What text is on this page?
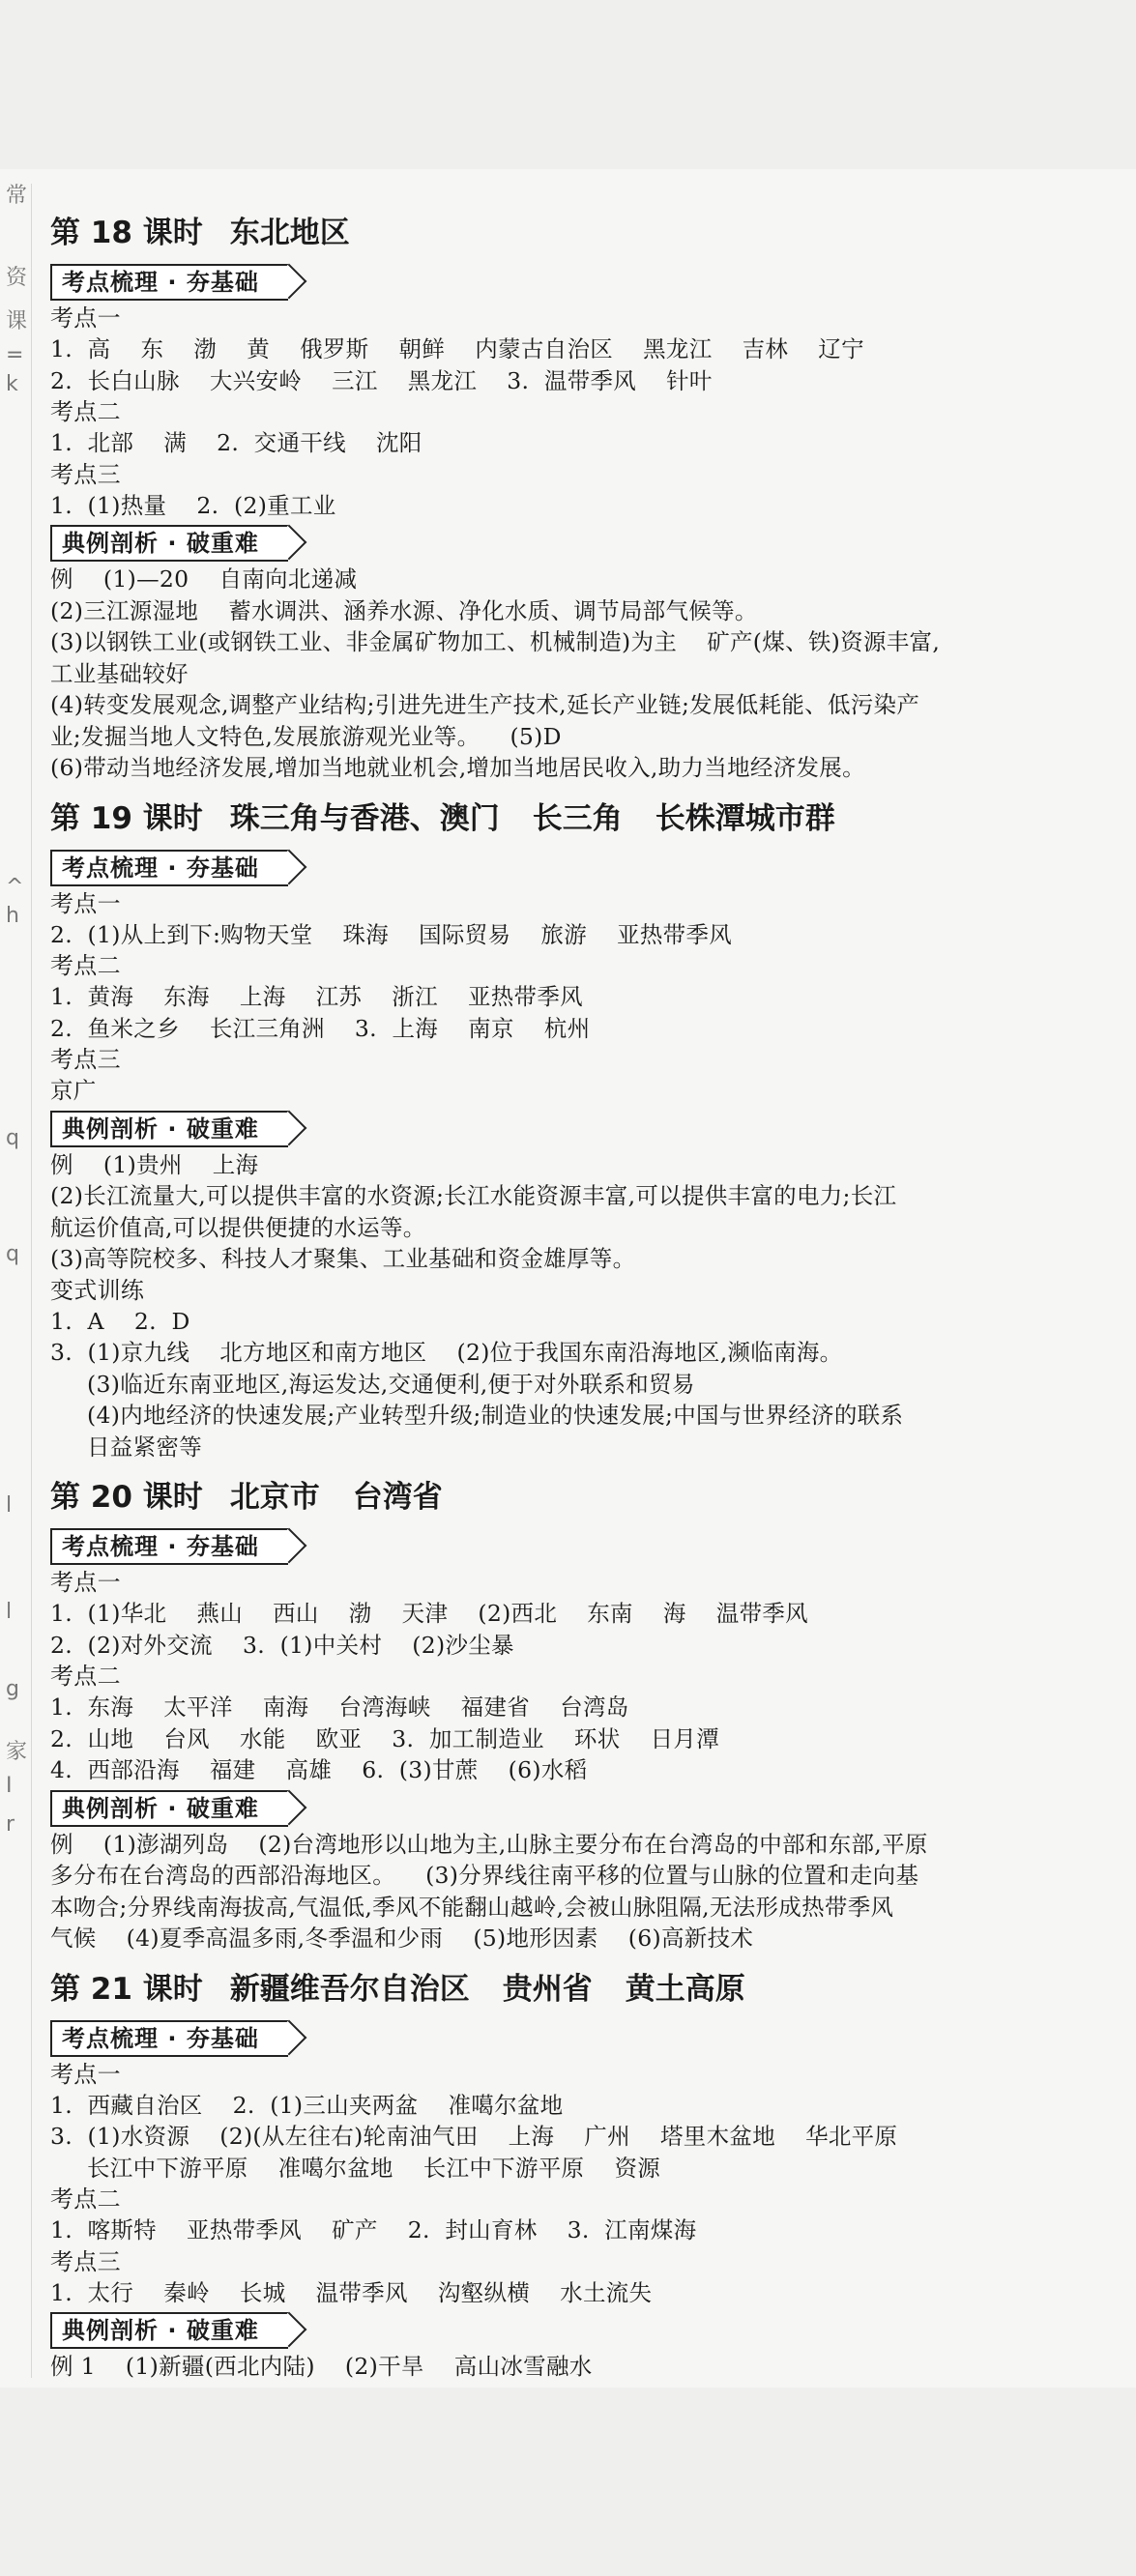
常
资
课
=
k
^
h
q
q
l
l
g
家
I
r
第 18 课时 东北地区
考点梳理 · 夯基础
考点一
1.  高    东    渤    黄    俄罗斯    朝鲜    内蒙古自治区    黑龙江    吉林    辽宁
2.  长白山脉    大兴安岭    三江    黑龙江    3.  温带季风    针叶
考点二
1.  北部    满    2.  交通干线    沈阳
考点三
1.  (1)热量    2.  (2)重工业
典例剖析 · 破重难
例    (1)—20    自南向北递减
(2)三江源湿地    蓄水调洪、涵养水源、净化水质、调节局部气候等。
(3)以钢铁工业(或钢铁工业、非金属矿物加工、机械制造)为主    矿产(煤、铁)资源丰富,
工业基础较好
(4)转变发展观念,调整产业结构;引进先进生产技术,延长产业链;发展低耗能、低污染产
业;发掘当地人文特色,发展旅游观光业等。    (5)D
(6)带动当地经济发展,增加当地就业机会,增加当地居民收入,助力当地经济发展。
第 19 课时 珠三角与香港、澳门 长三角 长株潭城市群
考点梳理 · 夯基础
考点一
2.  (1)从上到下:购物天堂    珠海    国际贸易    旅游    亚热带季风
考点二
1.  黄海    东海    上海    江苏    浙江    亚热带季风
2.  鱼米之乡    长江三角洲    3.  上海    南京    杭州
考点三
京广
典例剖析 · 破重难
例    (1)贵州    上海
(2)长江流量大,可以提供丰富的水资源;长江水能资源丰富,可以提供丰富的电力;长江
航运价值高,可以提供便捷的水运等。
(3)高等院校多、科技人才聚集、工业基础和资金雄厚等。
变式训练
1.  A    2.  D
3.  (1)京九线    北方地区和南方地区    (2)位于我国东南沿海地区,濒临南海。
(3)临近东南亚地区,海运发达,交通便利,便于对外联系和贸易
(4)内地经济的快速发展;产业转型升级;制造业的快速发展;中国与世界经济的联系
日益紧密等
第 20 课时 北京市 台湾省
考点梳理 · 夯基础
考点一
1.  (1)华北    燕山    西山    渤    天津    (2)西北    东南    海    温带季风
2.  (2)对外交流    3.  (1)中关村    (2)沙尘暴
考点二
1.  东海    太平洋    南海    台湾海峡    福建省    台湾岛
2.  山地    台风    水能    欧亚    3.  加工制造业    环状    日月潭
4.  西部沿海    福建    高雄    6.  (3)甘蔗    (6)水稻
典例剖析 · 破重难
例    (1)澎湖列岛    (2)台湾地形以山地为主,山脉主要分布在台湾岛的中部和东部,平原
多分布在台湾岛的西部沿海地区。    (3)分界线往南平移的位置与山脉的位置和走向基
本吻合;分界线南海拔高,气温低,季风不能翻山越岭,会被山脉阻隔,无法形成热带季风
气候    (4)夏季高温多雨,冬季温和少雨    (5)地形因素    (6)高新技术
第 21 课时 新疆维吾尔自治区 贵州省 黄土高原
考点梳理 · 夯基础
考点一
1.  西藏自治区    2.  (1)三山夹两盆    准噶尔盆地
3.  (1)水资源    (2)(从左往右)轮南油气田    上海    广州    塔里木盆地    华北平原
长江中下游平原    准噶尔盆地    长江中下游平原    资源
考点二
1.  喀斯特    亚热带季风    矿产    2.  封山育林    3.  江南煤海
考点三
1.  太行    秦岭    长城    温带季风    沟壑纵横    水土流失
典例剖析 · 破重难
例 1    (1)新疆(西北内陆)    (2)干旱    高山冰雪融水
